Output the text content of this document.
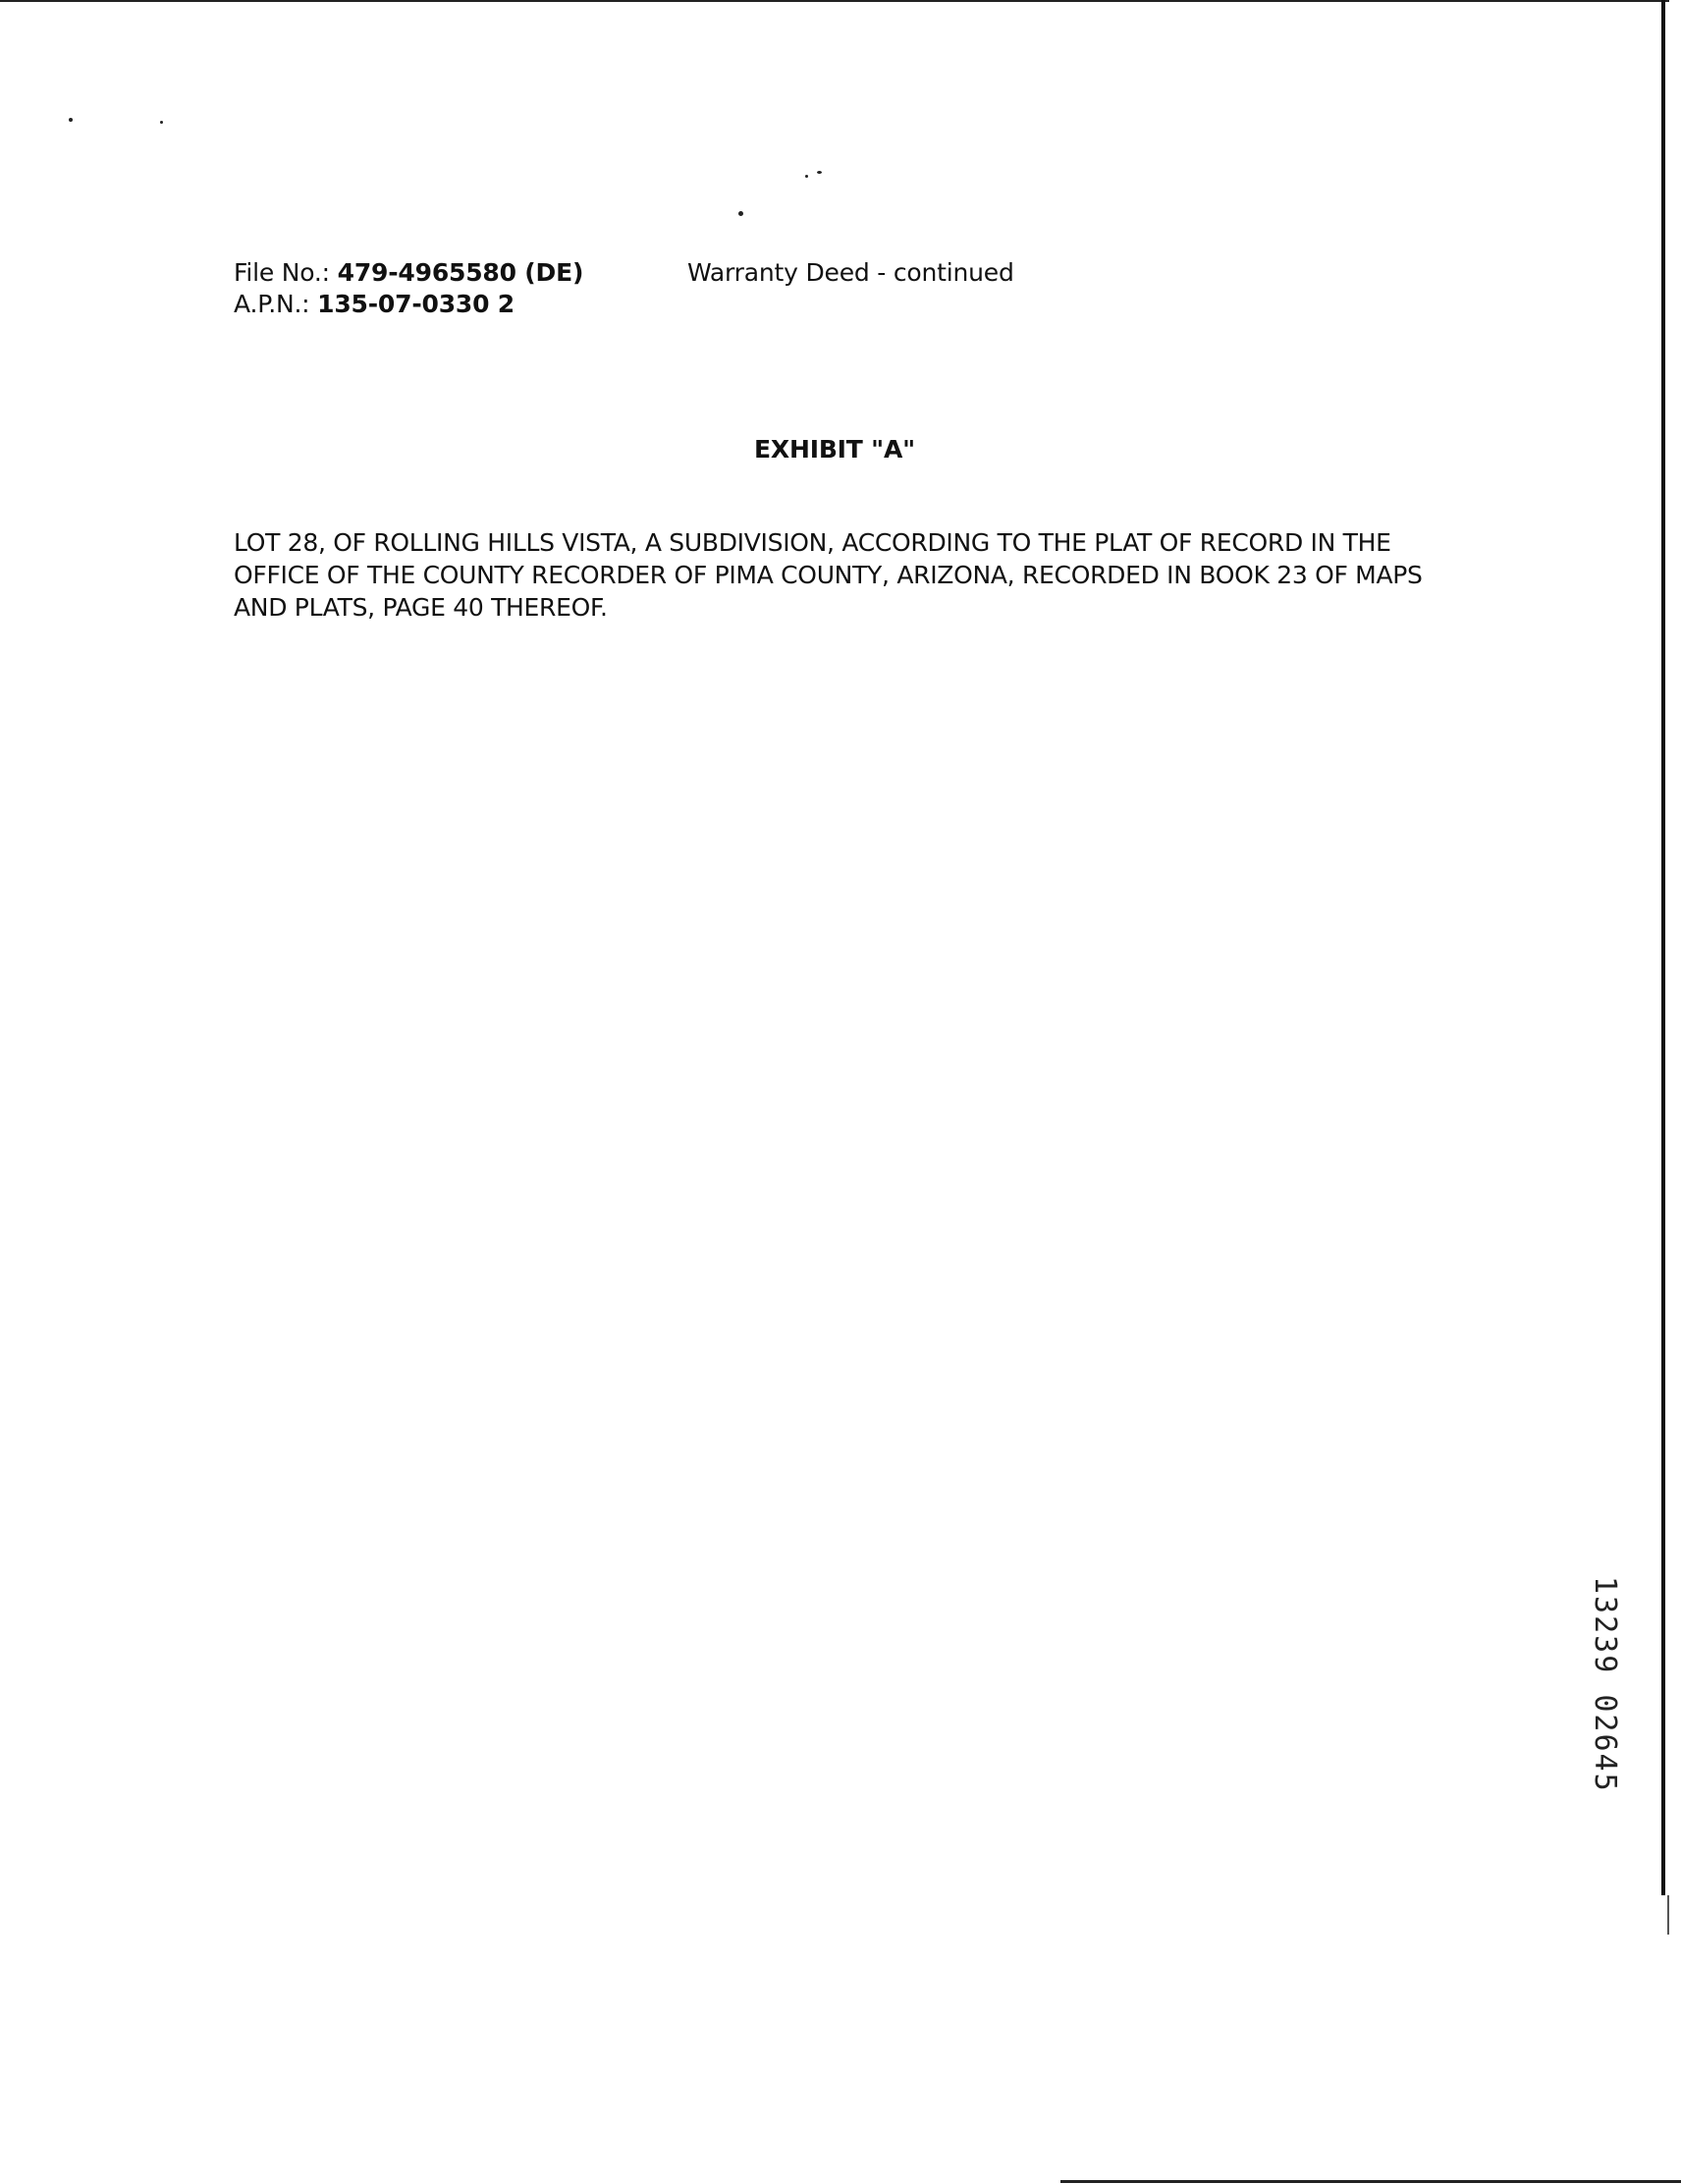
File No.: 479-4965580 (DE)
A.P.N.: 135-07-0330 2
Warranty Deed - continued
EXHIBIT "A"
LOT 28, OF ROLLING HILLS VISTA, A SUBDIVISION, ACCORDING TO THE PLAT OF RECORD IN THE
OFFICE OF THE COUNTY RECORDER OF PIMA COUNTY, ARIZONA, RECORDED IN BOOK 23 OF MAPS
AND PLATS, PAGE 40 THEREOF.
13239 02645
